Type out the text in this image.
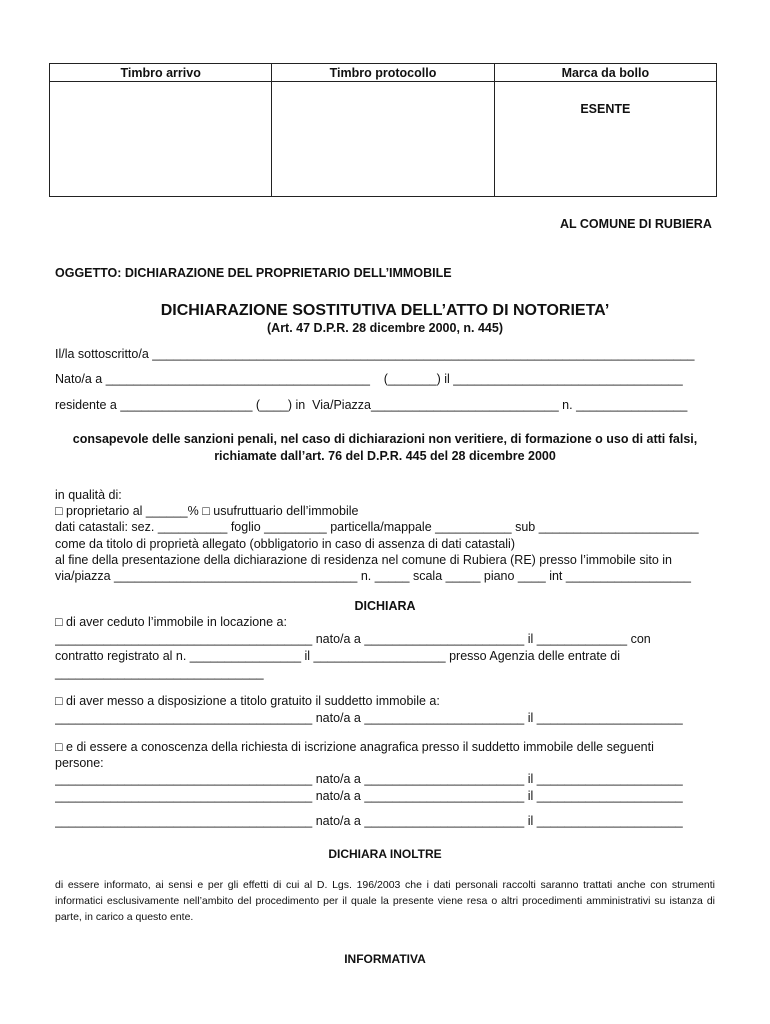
Timbro arrivo	Timbro protocollo	Marca da bollo

		ESENTE
AL COMUNE DI RUBIERA
OGGETTO: DICHIARAZIONE DEL PROPRIETARIO DELL’IMMOBILE
DICHIARAZIONE SOSTITUTIVA DELL’ATTO DI NOTORIETA’
(Art. 47 D.P.R. 28 dicembre 2000, n. 445)
Il/la sottoscritto/a ______________________________________________________________________________
Nato/a a ______________________________________    (_______) il _________________________________
residente a ___________________ (____) in  Via/Piazza___________________________ n. ________________
consapevole delle sanzioni penali, nel caso di dichiarazioni non veritiere, di formazione o uso di atti falsi,
richiamate dall’art. 76 del D.P.R. 445 del 28 dicembre 2000
in qualità di:
□ proprietario al ______% □ usufruttuario dell’immobile
dati catastali: sez. __________ foglio _________ particella/mappale ___________ sub _______________________
come da titolo di proprietà allegato (obbligatorio in caso di assenza di dati catastali)
al fine della presentazione della dichiarazione di residenza nel comune di Rubiera (RE) presso l’immobile sito in
via/piazza ___________________________________ n. _____ scala _____ piano ____ int __________________
DICHIARA
□ di aver ceduto l’immobile in locazione a:
_____________________________________ nato/a a _______________________ il _____________ con
contratto registrato al n. ________________ il ___________________ presso Agenzia delle entrate di
______________________________
□ di aver messo a disposizione a titolo gratuito il suddetto immobile a:
_____________________________________ nato/a a _______________________ il _____________________
□ e di essere a conoscenza della richiesta di iscrizione anagrafica presso il suddetto immobile delle seguenti
persone:
_____________________________________ nato/a a _______________________ il _____________________
_____________________________________ nato/a a _______________________ il _____________________
_____________________________________ nato/a a _______________________ il _____________________
DICHIARA INOLTRE
di essere informato, ai sensi e per gli effetti di cui al D. Lgs. 196/2003 che i dati personali raccolti saranno trattati anche con strumenti informatici esclusivamente nell’ambito del procedimento per il quale la presente viene resa o altri procedimenti amministrativi su istanza di parte, in carico a questo ente.
INFORMATIVA
